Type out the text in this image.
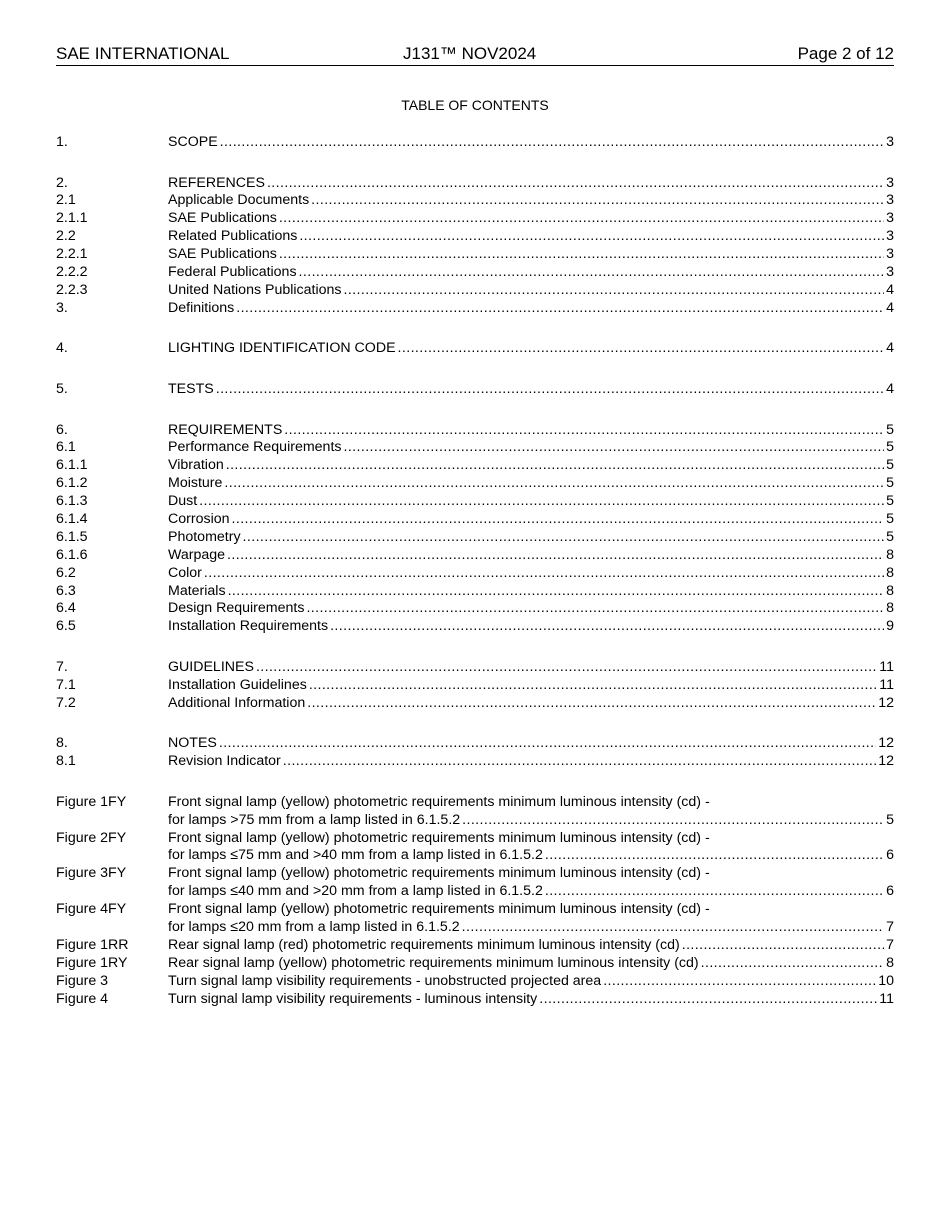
SAE INTERNATIONAL	J131™ NOV2024	Page 2 of 12
TABLE OF CONTENTS
1.	SCOPE .....	3
2.	REFERENCES .....	3
2.1	Applicable Documents .....	3
2.1.1	SAE Publications .....	3
2.2	Related Publications .....	3
2.2.1	SAE Publications .....	3
2.2.2	Federal Publications .....	3
2.2.3	United Nations Publications .....	4
3.	Definitions .....	4
4.	LIGHTING IDENTIFICATION CODE .....	4
5.	TESTS .....	4
6.	REQUIREMENTS .....	5
6.1	Performance Requirements .....	5
6.1.1	Vibration .....	5
6.1.2	Moisture .....	5
6.1.3	Dust .....	5
6.1.4	Corrosion .....	5
6.1.5	Photometry .....	5
6.1.6	Warpage .....	8
6.2	Color .....	8
6.3	Materials .....	8
6.4	Design Requirements .....	8
6.5	Installation Requirements .....	9
7.	GUIDELINES .....	11
7.1	Installation Guidelines .....	11
7.2	Additional Information .....	12
8.	NOTES .....	12
8.1	Revision Indicator .....	12
Figure 1FY	Front signal lamp (yellow) photometric requirements minimum luminous intensity (cd) -
for lamps >75 mm from a lamp listed in 6.1.5.2 .....	5
Figure 2FY	Front signal lamp (yellow) photometric requirements minimum luminous intensity (cd) -
for lamps ≤75 mm and >40 mm from a lamp listed in 6.1.5.2 .....	6
Figure 3FY	Front signal lamp (yellow) photometric requirements minimum luminous intensity (cd) -
for lamps ≤40 mm and >20 mm from a lamp listed in 6.1.5.2 .....	6
Figure 4FY	Front signal lamp (yellow) photometric requirements minimum luminous intensity (cd) -
for lamps ≤20 mm from a lamp listed in 6.1.5.2 .....	7
Figure 1RR	Rear signal lamp (red) photometric requirements minimum luminous intensity (cd) .....	7
Figure 1RY	Rear signal lamp (yellow) photometric requirements minimum luminous intensity (cd) .....	8
Figure 3	Turn signal lamp visibility requirements - unobstructed projected area .....	10
Figure 4	Turn signal lamp visibility requirements - luminous intensity .....	11
